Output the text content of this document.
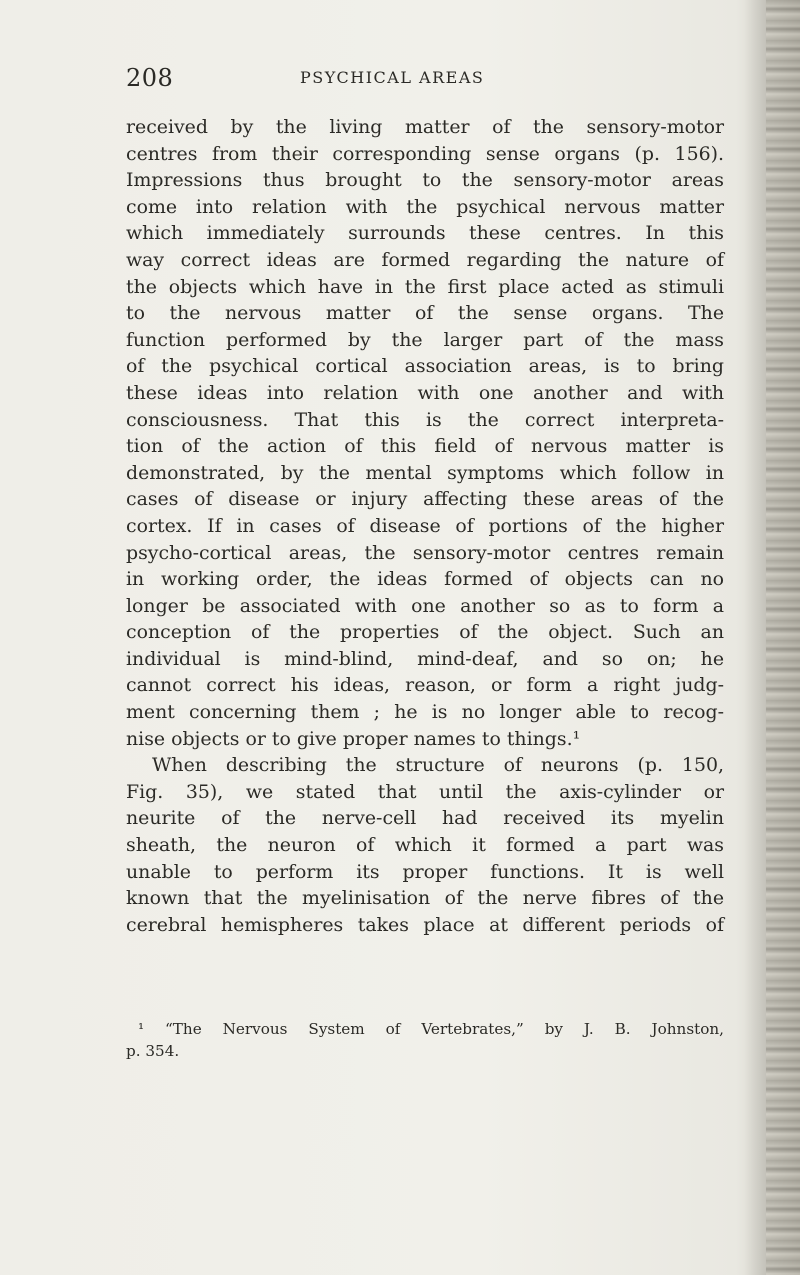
208	PSYCHICAL AREAS
received by the living matter of the sensory-motor
centres from their corresponding sense organs (p. 156).
Impressions thus brought to the sensory-motor areas
come into relation with the psychical nervous matter
which immediately surrounds these centres. In this
way correct ideas are formed regarding the nature of
the objects which have in the first place acted as stimuli
to the nervous matter of the sense organs. The
function performed by the larger part of the mass
of the psychical cortical association areas, is to bring
these ideas into relation with one another and with
consciousness. That this is the correct interpreta-
tion of the action of this field of nervous matter is
demonstrated, by the mental symptoms which follow in
cases of disease or injury affecting these areas of the
cortex. If in cases of disease of portions of the higher
psycho-cortical areas, the sensory-motor centres remain
in working order, the ideas formed of objects can no
longer be associated with one another so as to form a
conception of the properties of the object. Such an
individual is mind-blind, mind-deaf, and so on; he
cannot correct his ideas, reason, or form a right judg-
ment concerning them ; he is no longer able to recog-
nise objects or to give proper names to things.¹
When describing the structure of neurons (p. 150,
Fig. 35), we stated that until the axis-cylinder or
neurite of the nerve-cell had received its myelin
sheath, the neuron of which it formed a part was
unable to perform its proper functions. It is well
known that the myelinisation of the nerve fibres of the
cerebral hemispheres takes place at different periods of
¹ “The Nervous System of Vertebrates,” by J. B. Johnston,
p. 354.
